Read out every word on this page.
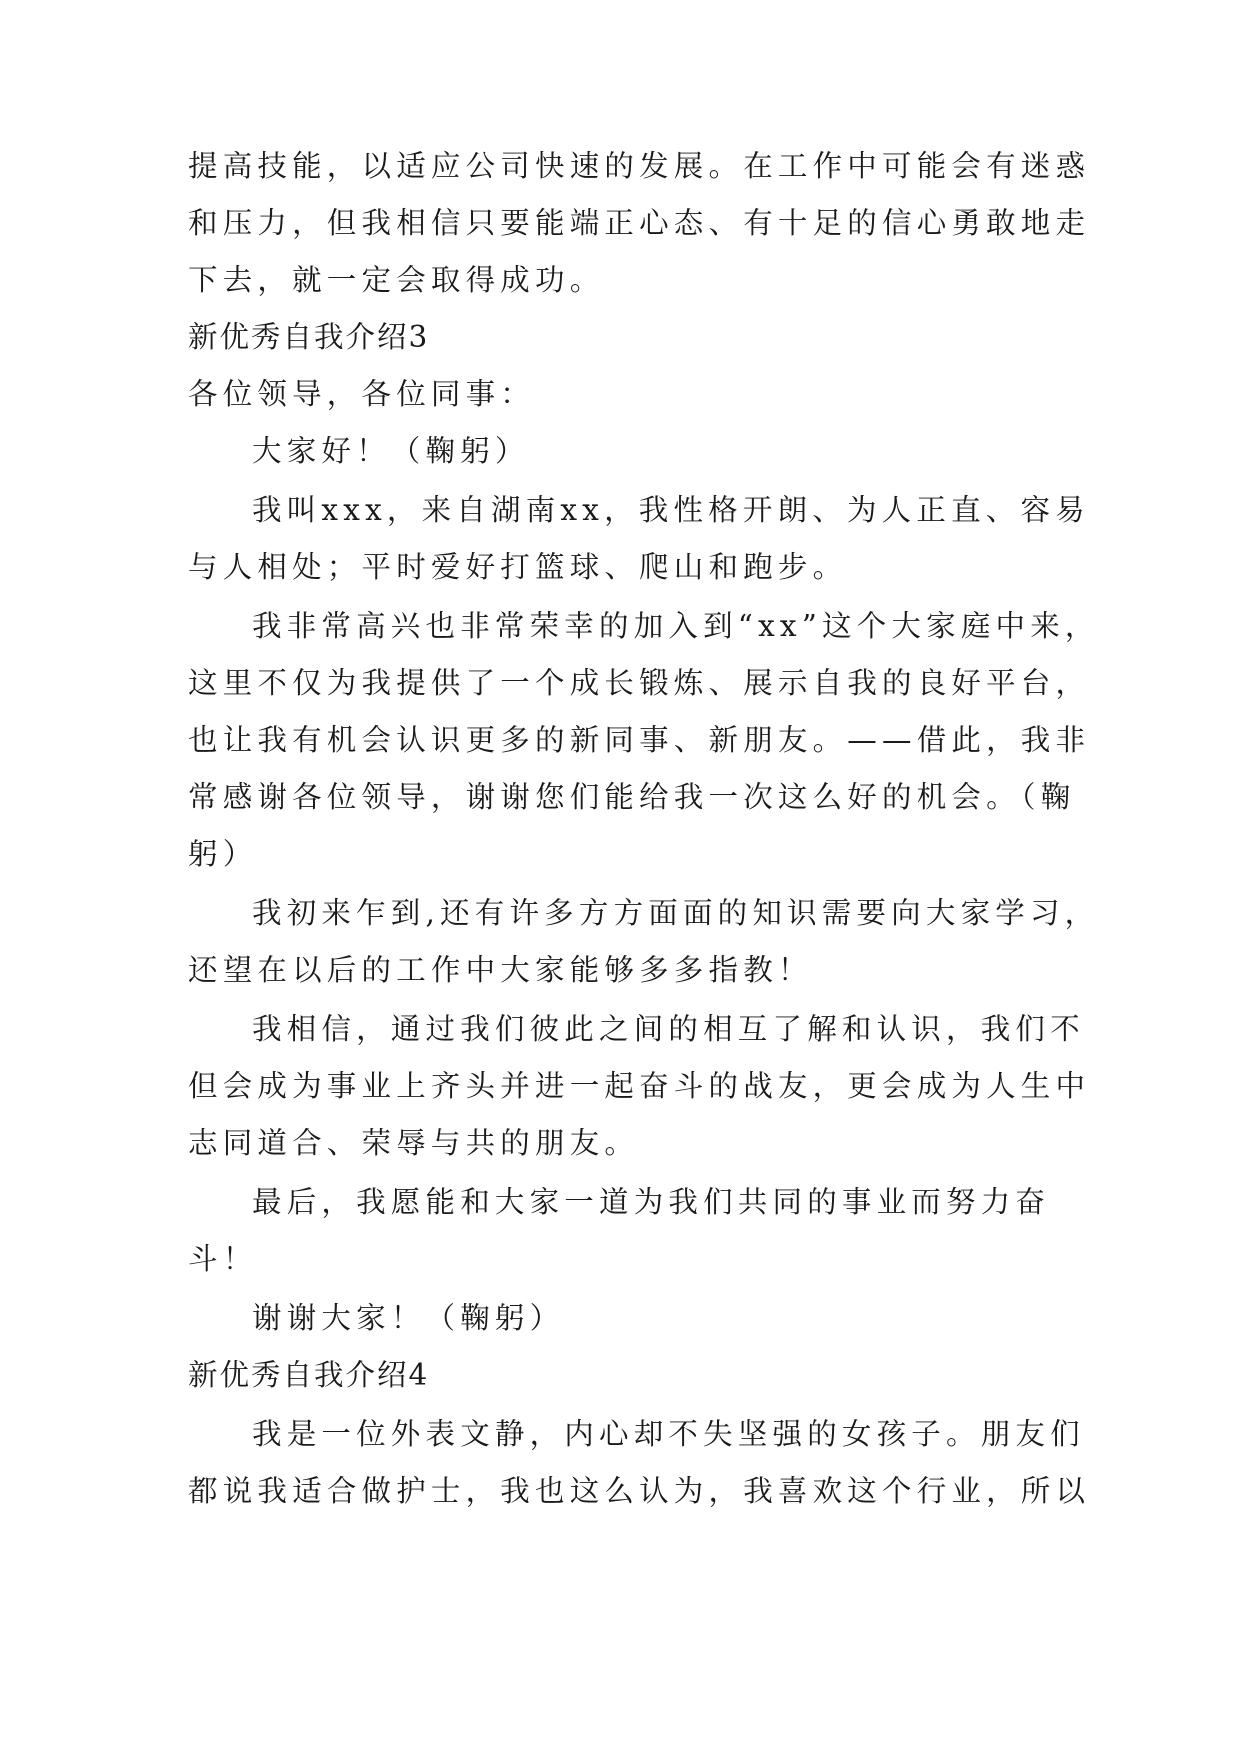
提高技能，以适应公司快速的发展。在工作中可能会有迷惑
和压力，但我相信只要能端正心态、有十足的信心勇敢地走
下去，就一定会取得成功。
新优秀自我介绍3
各位领导，各位同事：
大家好！（鞠躬）
我叫xxx，来自湖南xx，我性格开朗、为人正直、容易
与人相处；平时爱好打篮球、爬山和跑步。
我非常高兴也非常荣幸的加入到“xx”这个大家庭中来，
这里不仅为我提供了一个成长锻炼、展示自我的良好平台，
也让我有机会认识更多的新同事、新朋友。——借此，我非
常感谢各位领导，谢谢您们能给我一次这么好的机会。（鞠
躬）
我初来乍到,还有许多方方面面的知识需要向大家学习，
还望在以后的工作中大家能够多多指教！
我相信，通过我们彼此之间的相互了解和认识，我们不
但会成为事业上齐头并进一起奋斗的战友，更会成为人生中
志同道合、荣辱与共的朋友。
最后，我愿能和大家一道为我们共同的事业而努力奋
斗！
谢谢大家！（鞠躬）
新优秀自我介绍4
我是一位外表文静，内心却不失坚强的女孩子。朋友们
都说我适合做护士，我也这么认为，我喜欢这个行业，所以
